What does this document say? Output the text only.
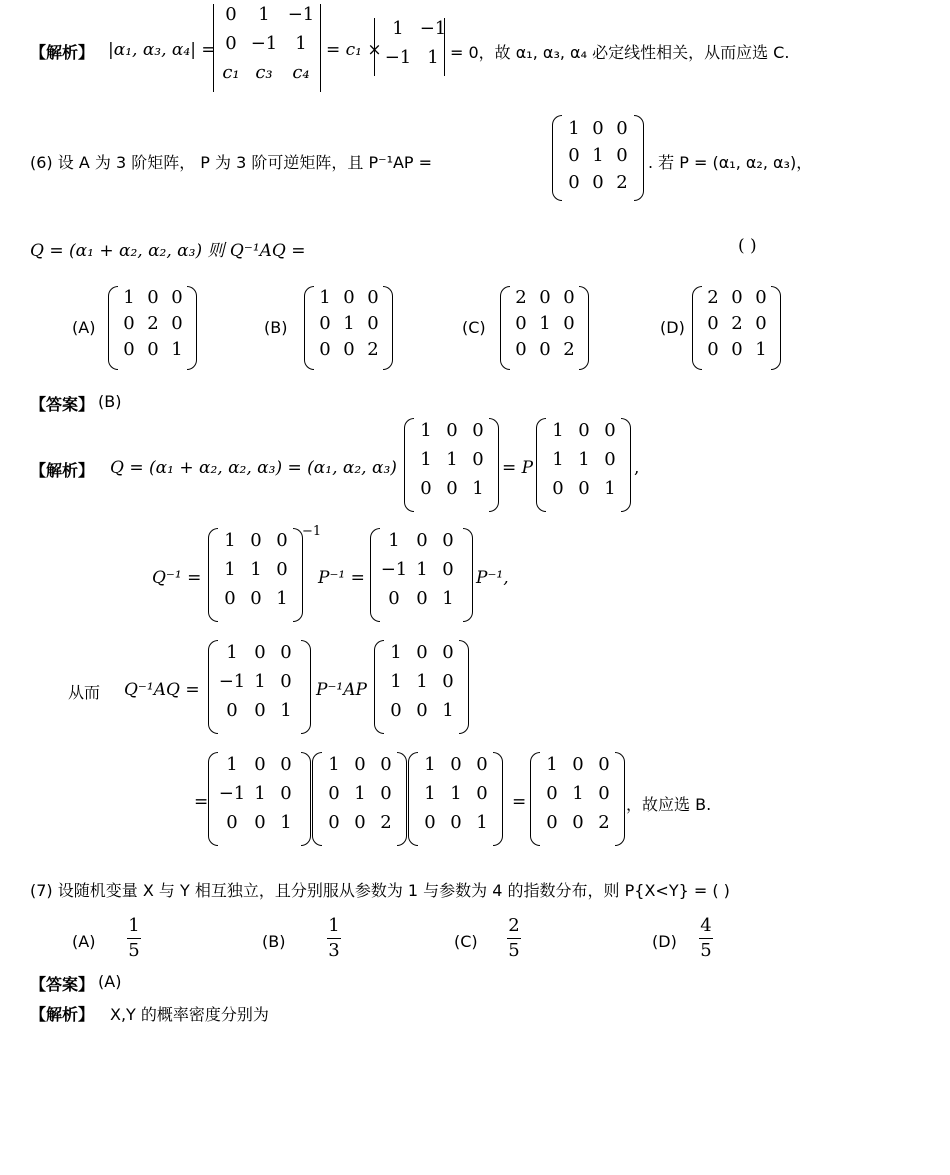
【解析】 |α₁, α₃, α₄| =
0	1	−1
0 −1	1
c₁ c₃	c₄
= c₁ ×
1 −1
−1 1 = 0，故 α₁, α₃, α₄ 必定线性相关，从而应选 C.
(6) 设 A 为 3 阶矩阵， P 为 3 阶可逆矩阵，且 P⁻¹AP =
1 0 0
0 1 0
0 0 2
. 若 P = (α₁, α₂, α₃)，
Q = (α₁ + α₂, α₂, α₃) 则 Q⁻¹AQ =	( )
(A)
1 0 0
0 2 0
0 0 1
(B)
1 0 0
0 1 0
0 0 2
(C)
2 0 0
0 1 0
0 0 2
(D)
2 0 0
0 2 0
0 0 1
【答案】 (B)
【解析】 Q = (α₁ + α₂, α₂, α₃) = (α₁, α₂, α₃)
1 0 0
1 1 0
0 0 1
= P
1 0 0
1 1 0
0 0 1
,
Q⁻¹ =
1 0 0
1 1 0
0 0 1
−1
P⁻¹ =
1 0 0
−1 1 0
0 0 1
P⁻¹,
从而 Q⁻¹AQ =
1 0 0
−1 1 0
0 0 1
P⁻¹AP
1 0 0
1 1 0
0 0 1
=
1 0 0
−1 1 0
0 0 1
1 0 0
0 1 0
0 0 2
1 0 0
1 1 0
0 0 1
=
1 0 0
0 1 0
0 0 2
，故应选 B.
(7) 设随机变量 X 与 Y 相互独立，且分别服从参数为 1 与参数为 4 的指数分布，则 P{X<Y} = ( )
(A)
1
5	(B)
1
3	(C)
2
5	(D)
4
5
【答案】 (A)
【解析】 X,Y 的概率密度分别为
